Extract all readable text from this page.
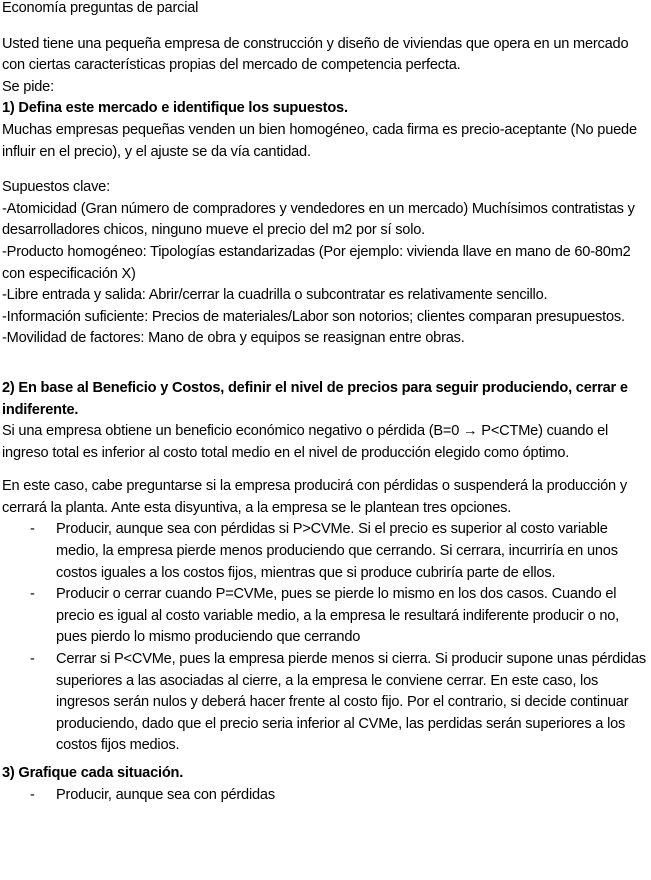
Economía preguntas de parcial

Usted tiene una pequeña empresa de construcción y diseño de viviendas que opera en un mercado con ciertas características propias del mercado de competencia perfecta.

Se pide:

1) Defina este mercado e identifique los supuestos.

Muchas empresas pequeñas venden un bien homogéneo, cada firma es precio-aceptante (No puede influir en el precio), y el ajuste se da vía cantidad.

Supuestos clave:

-Atomicidad (Gran número de compradores y vendedores en un mercado) Muchísimos contratistas y desarrolladores chicos, ninguno mueve el precio del m2 por sí solo.

-Producto homogéneo: Tipologías estandarizadas (Por ejemplo: vivienda llave en mano de 60-80m2 con especificación X)

-Libre entrada y salida: Abrir/cerrar la cuadrilla o subcontratar es relativamente sencillo.

-Información suficiente: Precios de materiales/Labor son notorios; clientes comparan presupuestos.

-Movilidad de factores: Mano de obra y equipos se reasignan entre obras.

2) En base al Beneficio y Costos, definir el nivel de precios para seguir produciendo, cerrar e indiferente.

Si una empresa obtiene un beneficio económico negativo o pérdida (B=0 → P<CTMe) cuando el ingreso total es inferior al costo total medio en el nivel de producción elegido como óptimo.

En este caso, cabe preguntarse si la empresa producirá con pérdidas o suspenderá la producción y cerrará la planta. Ante esta disyuntiva, a la empresa se le plantean tres opciones.

- Producir, aunque sea con pérdidas si P>CVMe. Si el precio es superior al costo variable medio, la empresa pierde menos produciendo que cerrando. Si cerrara, incurriría en unos costos iguales a los costos fijos, mientras que si produce cubriría parte de ellos.
- Producir o cerrar cuando P=CVMe, pues se pierde lo mismo en los dos casos. Cuando el precio es igual al costo variable medio, a la empresa le resultará indiferente producir o no, pues pierdo lo mismo produciendo que cerrando
- Cerrar si P<CVMe, pues la empresa pierde menos si cierra. Si producir supone unas pérdidas superiores a las asociadas al cierre, a la empresa le conviene cerrar. En este caso, los ingresos serán nulos y deberá hacer frente al costo fijo. Por el contrario, si decide continuar produciendo, dado que el precio seria inferior al CVMe, las perdidas serán superiores a los costos fijos medios.

3) Grafique cada situación.

- Producir, aunque sea con pérdidas
